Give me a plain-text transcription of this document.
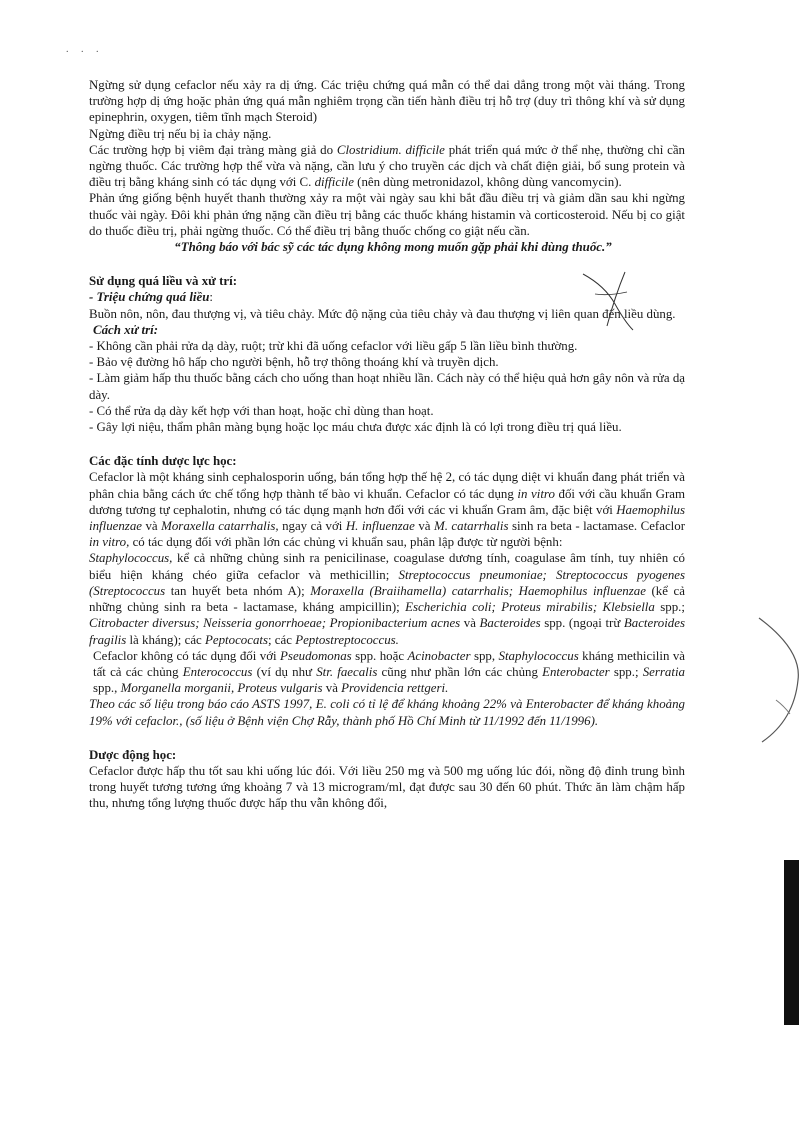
. . .

Ngừng sử dụng cefaclor nếu xảy ra dị ứng. Các triệu chứng quá mẫn có thể dai dẳng trong một vài tháng. Trong trường hợp dị ứng hoặc phản ứng quá mẫn nghiêm trọng cần tiến hành điều trị hỗ trợ (duy trì thông khí và sử dụng epinephrin, oxygen, tiêm tĩnh mạch Steroid)

Ngừng điều trị nếu bị ỉa chảy nặng.

Các trường hợp bị viêm đại tràng màng giả do Clostridium. difficile phát triển quá mức ở thể nhẹ, thường chỉ cần ngừng thuốc. Các trường hợp thể vừa và nặng, cần lưu ý cho truyền các dịch và chất điện giải, bổ sung protein và điều trị bằng kháng sinh có tác dụng với C. difficile (nên dùng metronidazol, không dùng vancomycin).

Phản ứng giống bệnh huyết thanh thường xảy ra một vài ngày sau khi bắt đầu điều trị và giảm dần sau khi ngừng thuốc vài ngày. Đôi khi phản ứng nặng cần điều trị bằng các thuốc kháng histamin và corticosteroid. Nếu bị co giật do thuốc điều trị, phải ngừng thuốc. Có thể điều trị bằng thuốc chống co giật nếu cần.

“Thông báo với bác sỹ các tác dụng không mong muốn gặp phải khi dùng thuốc.”

Sử dụng quá liều và xử trí:

- Triệu chứng quá liều:

Buồn nôn, nôn, đau thượng vị, và tiêu chảy. Mức độ nặng của tiêu chảy và đau thượng vị liên quan đến liều dùng.

Cách xử trí:

- Không cần phải rửa dạ dày, ruột; trừ khi đã uống cefaclor với liều gấp 5 lần liều bình thường.

- Bảo vệ đường hô hấp cho người bệnh, hỗ trợ thông thoáng khí và truyền dịch.

- Làm giảm hấp thu thuốc bằng cách cho uống than hoạt nhiều lần. Cách này có thể hiệu quả hơn gây nôn và rửa dạ dày.

- Có thể rửa dạ dày kết hợp với than hoạt, hoặc chỉ dùng than hoạt.

- Gây lợi niệu, thẩm phân màng bụng hoặc lọc máu chưa được xác định là có lợi trong điều trị quá liều.

Các đặc tính dược lực học:

Cefaclor là một kháng sinh cephalosporin uống, bán tổng hợp thế hệ 2, có tác dụng diệt vi khuẩn đang phát triển và phân chia bằng cách ức chế tổng hợp thành tế bào vi khuẩn. Cefaclor có tác dụng in vitro đối với cầu khuẩn Gram dương tương tự cephalotin, nhưng có tác dụng mạnh hơn đối với các vi khuẩn Gram âm, đặc biệt với Haemophilus influenzae và Moraxella catarrhalis, ngay cả với H. influenzae và M. catarrhalis sinh ra beta - lactamase. Cefaclor in vitro, có tác dụng đối với phần lớn các chủng vi khuẩn sau, phân lập được từ người bệnh:

Staphylococcus, kể cả những chủng sinh ra penicilinase, coagulase dương tính, coagulase âm tính, tuy nhiên có biểu hiện kháng chéo giữa cefaclor và methicillin; Streptococcus pneumoniae; Streptococcus pyogenes (Streptococcus tan huyết beta nhóm A); Moraxella (Braiihamella) catarrhalis; Haemophilus influenzae (kể cả những chủng sinh ra beta - lactamase, kháng ampicillin); Escherichia coli; Proteus mirabilis; Klebsiella spp.; Citrobacter diversus; Neisseria gonorrhoeae; Propionibacterium acnes và Bacteroides spp. (ngoại trừ Bacteroides fragilis là kháng); các Peptococats; các Peptostreptococcus.

Cefaclor không có tác dụng đối với Pseudomonas spp. hoặc Acinobacter spp, Staphylococcus kháng methicilin và tất cả các chủng Enterococcus (ví dụ như Str. faecalis cũng như phần lớn các chủng Enterobacter spp.; Serratia spp., Morganella morganii, Proteus vulgaris và Providencia rettgeri.

Theo các số liệu trong báo cáo ASTS 1997, E. coli có tỉ lệ để kháng khoảng 22% và Enterobacter để kháng khoảng 19% với cefaclor., (số liệu ở Bệnh viện Chợ Rẫy, thành phố Hồ Chí Minh từ 11/1992 đến 11/1996).

Dược động học:

Cefaclor được hấp thu tốt sau khi uống lúc đói. Với liều 250 mg và 500 mg uống lúc đói, nồng độ đỉnh trung bình trong huyết tương tương ứng khoảng 7 và 13 microgram/ml, đạt được sau 30 đến 60 phút. Thức ăn làm chậm hấp thu, nhưng tổng lượng thuốc được hấp thu vẫn không đổi,
